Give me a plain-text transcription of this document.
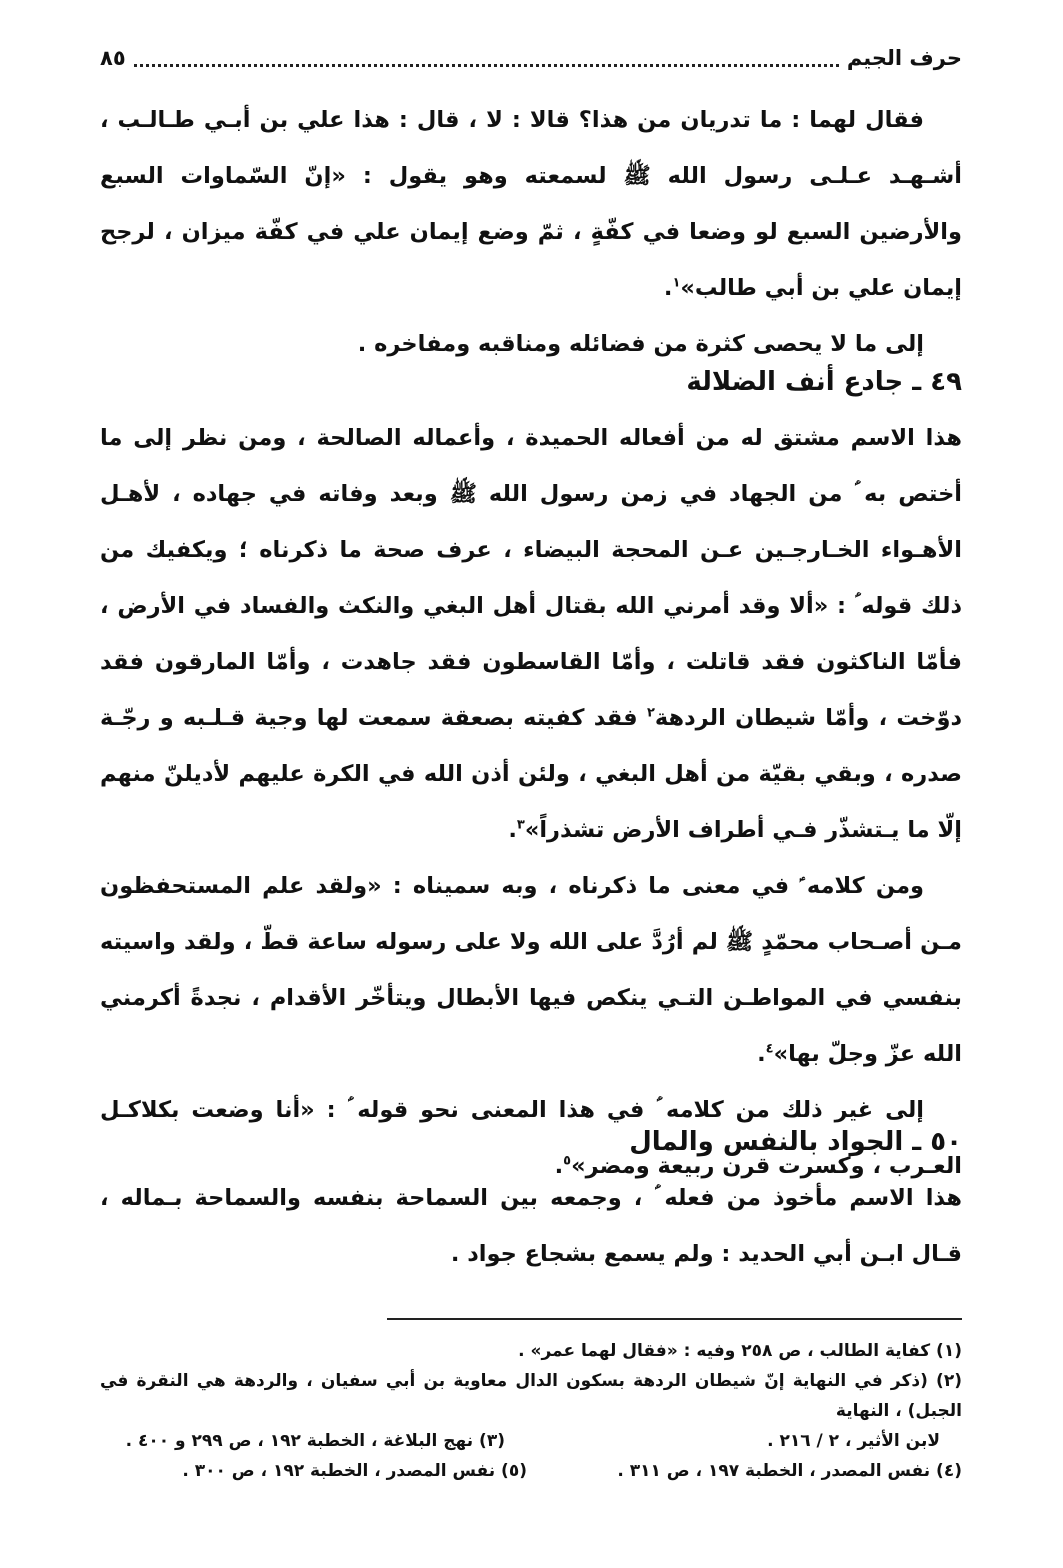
حرف الجيم
٨٥

فقال لهما : ما تدريان من هذا؟ قالا : لا ، قال : هذا علي بن أبـي طـالـب ، أشـهـد عـلـى رسول الله ﷺ لسمعته وهو يقول : «إنّ السّماوات السبع والأرضين السبع لو وضعا في كفّةٍ ، ثمّ وضع إيمان علي في كفّة ميزان ، لرجح إيمان علي بن أبي طالب»$^١$.

إلى ما لا يحصى كثرة من فضائله ومناقبه ومفاخره .

٤٩ ـ جادع أنف الضلالة

هذا الاسم مشتق له من أفعاله الحميدة ، وأعماله الصالحة ، ومن نظر إلى ما أختص به ؑ من الجهاد في زمن رسول الله ﷺ وبعد وفاته في جهاده ، لأهـل الأهـواء الخـارجـين عـن المحجة البيضاء ، عرف صحة ما ذكرناه ؛ ويكفيك من ذلك قوله ؑ : «ألا وقد أمرني الله بقتال أهل البغي والنكث والفساد في الأرض ، فأمّا الناكثون فقد قاتلت ، وأمّا القاسطون فقد جاهدت ، وأمّا المارقون فقد دوّخت ، وأمّا شيطان الردهة$^٢$ فقد كفيته بصعقة سمعت لها وجية قـلـبه و رجّـة صدره ، وبقي بقيّة من أهل البغي ، ولئن أذن الله في الكرة عليهم لأديلنّ منهم إلّا ما يـتشذّر فـي أطراف الأرض تشذراً»$^٣$.

ومن كلامه ؑ في معنى ما ذكرناه ، وبه سميناه : «ولقد علم المستحفظون مـن أصـحاب محمّدٍ ﷺ لم أرُدَّ على الله ولا على رسوله ساعة قطّ ، ولقد واسيته بنفسي في المواطـن التـي ينكص فيها الأبطال ويتأخّر الأقدام ، نجدةً أكرمني الله عزّ وجلّ بها»$^٤$.

إلى غير ذلك من كلامه ؑ في هذا المعنى نحو قوله ؑ : «أنا وضعت بكلاكـل العـرب ، وكسرت قرن ربيعة ومضر»$^٥$.

٥٠ ـ الجواد بالنفس والمال

هذا الاسم مأخوذ من فعله ؑ ، وجمعه بين السماحة بنفسه والسماحة بـماله ، قـال ابـن أبي الحديد : ولم يسمع بشجاع جواد .

(١) كفاية الطالب ، ص ٢٥٨ وفيه : «فقال لهما عمر» .

(٢) (ذكر في النهاية إنّ شيطان الردهة بسكون الدال معاوية بن أبي سفيان ، والردهة هي النقرة في الجبل) ، النهاية

لابن الأثير ، ٢ / ٢١٦ .
(٣) نهج البلاغة ، الخطبة ١٩٢ ، ص ٢٩٩ و ٤٠٠ .
(٤) نفس المصدر ، الخطبة ١٩٧ ، ص ٣١١ .
(٥) نفس المصدر ، الخطبة ١٩٢ ، ص ٣٠٠ .
